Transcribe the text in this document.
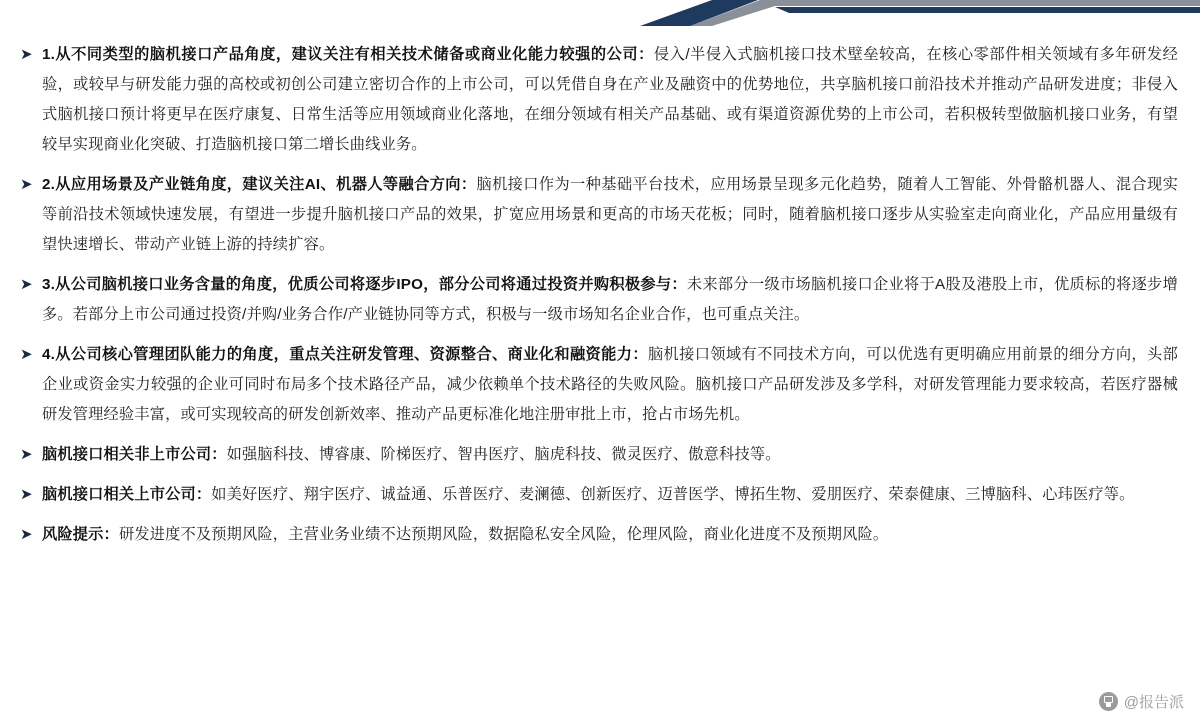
➤ 1.从不同类型的脑机接口产品角度，建议关注有相关技术储备或商业化能力较强的公司：侵入/半侵入式脑机接口技术壁垒较高，在核心零部件相关领域有多年研发经验，或较早与研发能力强的高校或初创公司建立密切合作的上市公司，可以凭借自身在产业及融资中的优势地位，共享脑机接口前沿技术并推动产品研发进度；非侵入式脑机接口预计将更早在医疗康复、日常生活等应用领域商业化落地，在细分领域有相关产品基础、或有渠道资源优势的上市公司，若积极转型做脑机接口业务，有望较早实现商业化突破、打造脑机接口第二增长曲线业务。
➤ 2.从应用场景及产业链角度，建议关注AI、机器人等融合方向：脑机接口作为一种基础平台技术，应用场景呈现多元化趋势，随着人工智能、外骨骼机器人、混合现实等前沿技术领域快速发展，有望进一步提升脑机接口产品的效果，扩宽应用场景和更高的市场天花板；同时，随着脑机接口逐步从实验室走向商业化，产品应用量级有望快速增长、带动产业链上游的持续扩容。
➤ 3.从公司脑机接口业务含量的角度，优质公司将逐步IPO，部分公司将通过投资并购积极参与：未来部分一级市场脑机接口企业将于A股及港股上市，优质标的将逐步增多。若部分上市公司通过投资/并购/业务合作/产业链协同等方式，积极与一级市场知名企业合作，也可重点关注。
➤ 4.从公司核心管理团队能力的角度，重点关注研发管理、资源整合、商业化和融资能力：脑机接口领域有不同技术方向，可以优选有更明确应用前景的细分方向，头部企业或资金实力较强的企业可同时布局多个技术路径产品，减少依赖单个技术路径的失败风险。脑机接口产品研发涉及多学科，对研发管理能力要求较高，若医疗器械研发管理经验丰富，或可实现较高的研发创新效率、推动产品更标准化地注册审批上市，抢占市场先机。
➤ 脑机接口相关非上市公司：如强脑科技、博睿康、阶梯医疗、智冉医疗、脑虎科技、微灵医疗、傲意科技等。
➤ 脑机接口相关上市公司：如美好医疗、翔宇医疗、诚益通、乐普医疗、麦澜德、创新医疗、迈普医学、博拓生物、爱朋医疗、荣泰健康、三博脑科、心玮医疗等。
➤ 风险提示：研发进度不及预期风险，主营业务业绩不达预期风险，数据隐私安全风险，伦理风险，商业化进度不及预期风险。
@报告派
